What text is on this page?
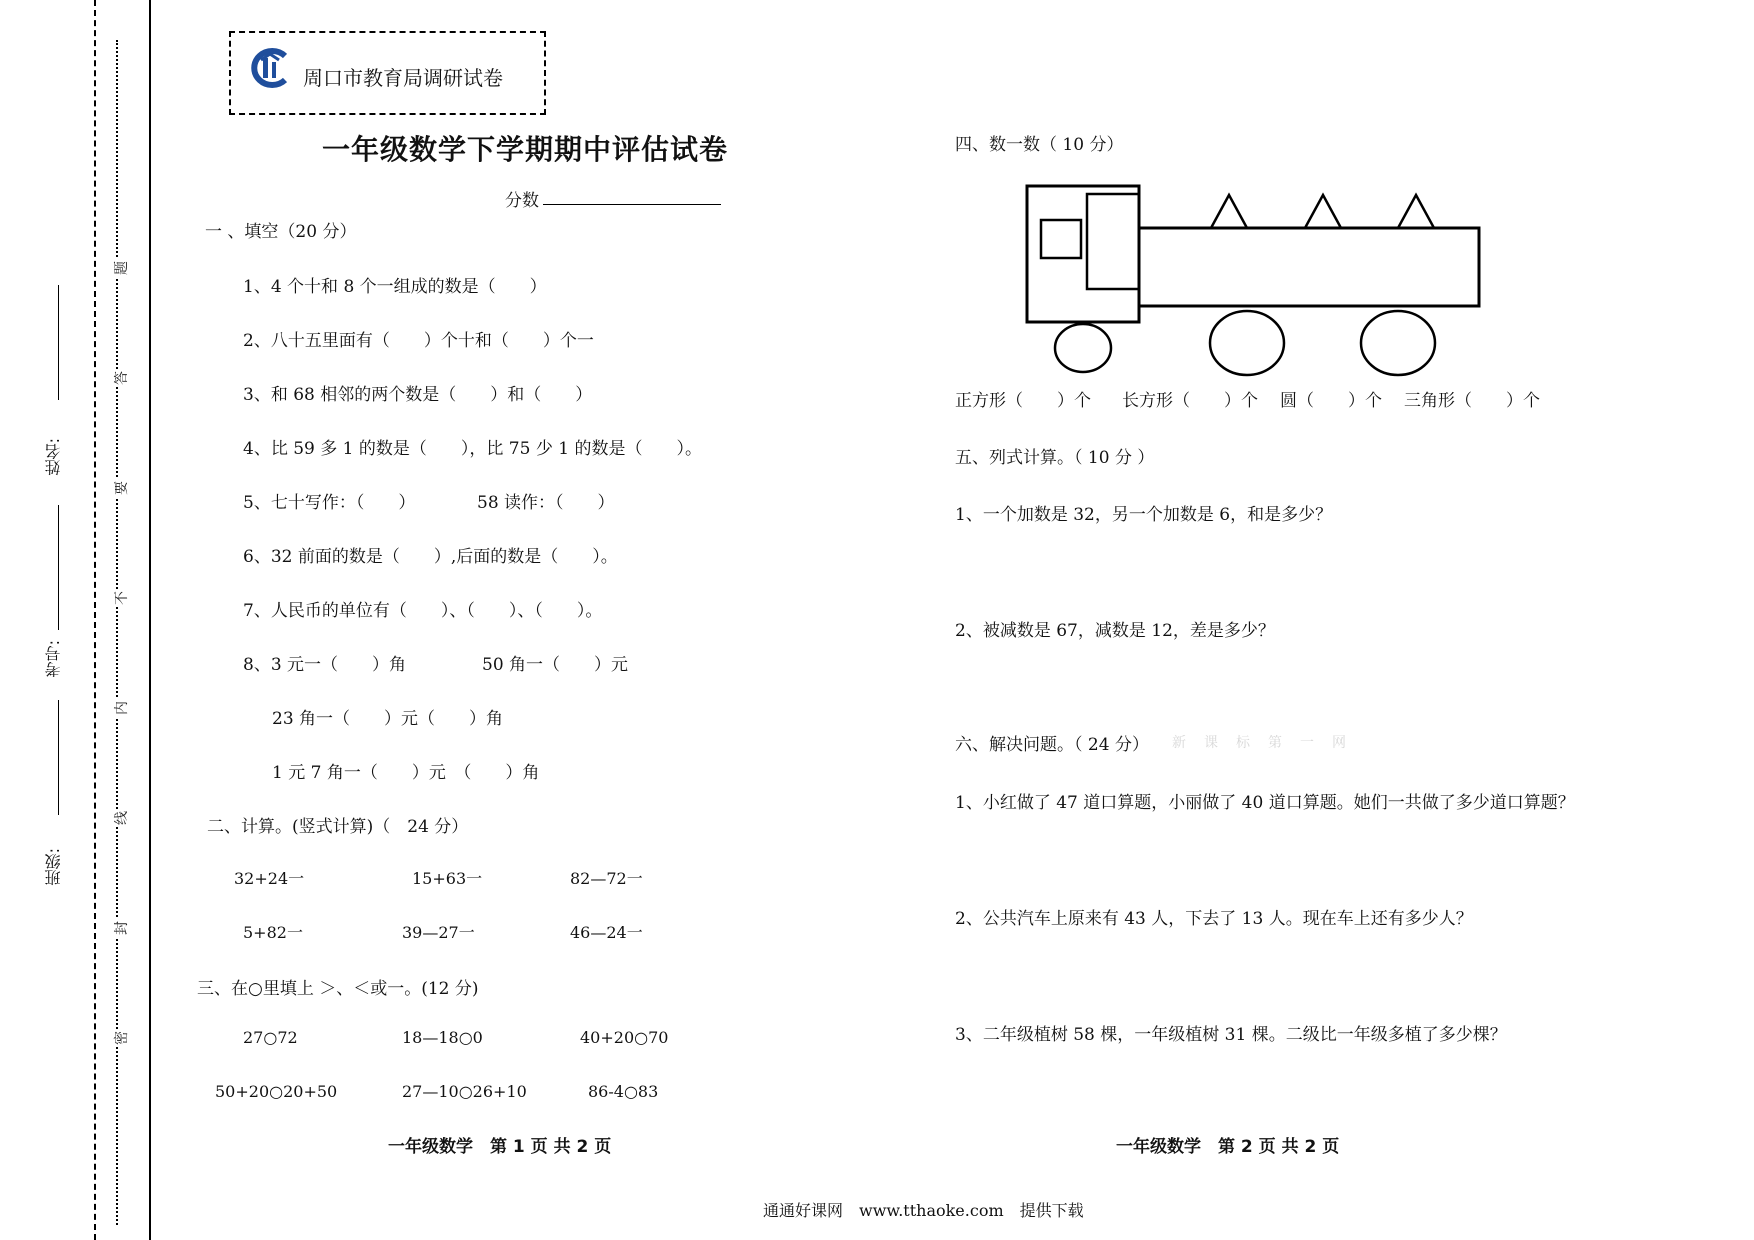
姓名:
考号:
班级:
密
封
线
内
不
要
答
题
周口市教育局调研试卷
一年级数学下学期期中评估试卷
分数
一 、填空（20 分）
1、4 个十和 8 个一组成的数是（　　）
2、八十五里面有（　　）个十和（　　）个一
3、和 68 相邻的两个数是（　　）和（　　）
4、比 59 多 1 的数是（　　），比 75 少 1 的数是（　　）。
5、七十写作：（　　）	58 读作：（　　）
6、32 前面的数是（　　）,后面的数是（　　）。
7、人民币的单位有（　　）、（　　）、（　　）。
8、3 元一（　　）角	50 角一（　　）元
23 角一（　　）元（　　）角
1 元 7 角一（　　）元　（　　）角
二、计算。(竖式计算)（　24 分）
32+24一	15+63一	82—72一
5+82一	39—27一	46—24一
三、在○里填上 ＞、＜或一。(12 分)
27○72	18—18○0	40+20○70
50+20○20+50	27—10○26+10	86-4○83
一年级数学　第 1 页 共 2 页
四、数一数（ 10 分）
正方形（　　）个 长方形（　　）个 圆（　　）个 三角形（　　）个
五、列式计算。（ 10 分 ）
1、一个加数是 32，另一个加数是 6，和是多少？
2、被减数是 67，减数是 12，差是多少？
六、解决问题。（ 24 分） 新课标第一网
1、小红做了 47 道口算题，小丽做了 40 道口算题。她们一共做了多少道口算题？
2、公共汽车上原来有 43 人，下去了 13 人。现在车上还有多少人？
3、二年级植树 58 棵，一年级植树 31 棵。二级比一年级多植了多少棵？
一年级数学　第 2 页 共 2 页
通通好课网　www.tthaoke.com　提供下载
